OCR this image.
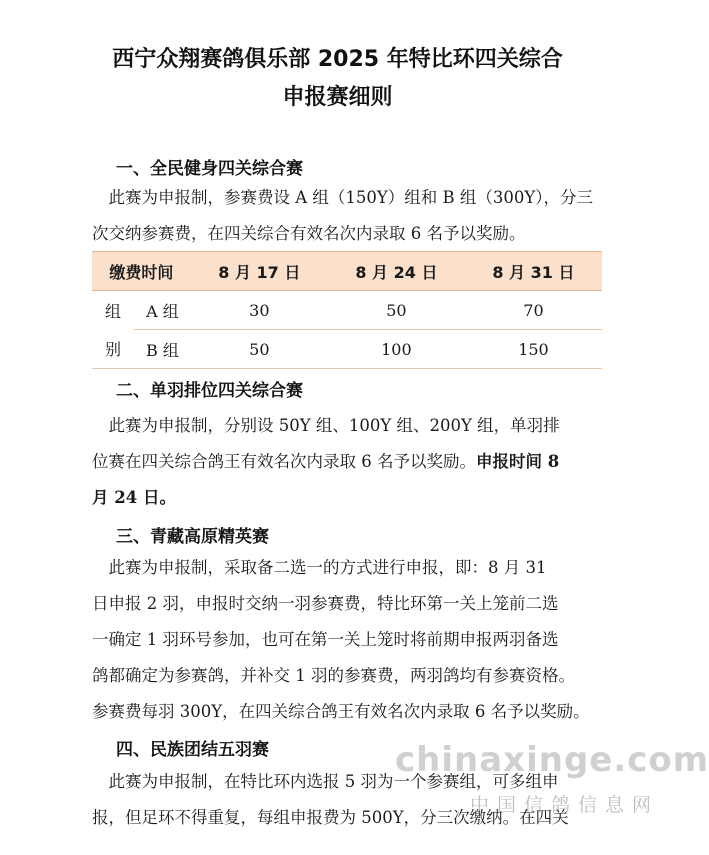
西宁众翔赛鸽俱乐部 2025 年特比环四关综合
申报赛细则
一、全民健身四关综合赛
　此赛为申报制，参赛费设 A 组（150Y）组和 B 组（300Y），分三
次交纳参赛费，在四关综合有效名次内录取 6 名予以奖励。
缴费时间		8 月 17 日	8 月 24 日	8 月 31 日
组	A 组	30	50	70
别	B 组	50	100	150
二、单羽排位四关综合赛
　此赛为申报制，分别设 50Y 组、100Y 组、200Y 组，单羽排
位赛在四关综合鸽王有效名次内录取 6 名予以奖励。申报时间 8
月 24 日。
三、青藏高原精英赛
　此赛为申报制，采取备二选一的方式进行申报，即：8 月 31
日申报 2 羽，申报时交纳一羽参赛费，特比环第一关上笼前二选
一确定 1 羽环号参加，也可在第一关上笼时将前期申报两羽备选
鸽都确定为参赛鸽，并补交 1 羽的参赛费，两羽鸽均有参赛资格。
参赛费每羽 300Y，在四关综合鸽王有效名次内录取 6 名予以奖励。
四、民族团结五羽赛
　此赛为申报制，在特比环内选报 5 羽为一个参赛组，可多组申
报，但足环不得重复，每组申报费为 500Y，分三次缴纳。在四关
chinaxinge.com
中国信鸽信息网
